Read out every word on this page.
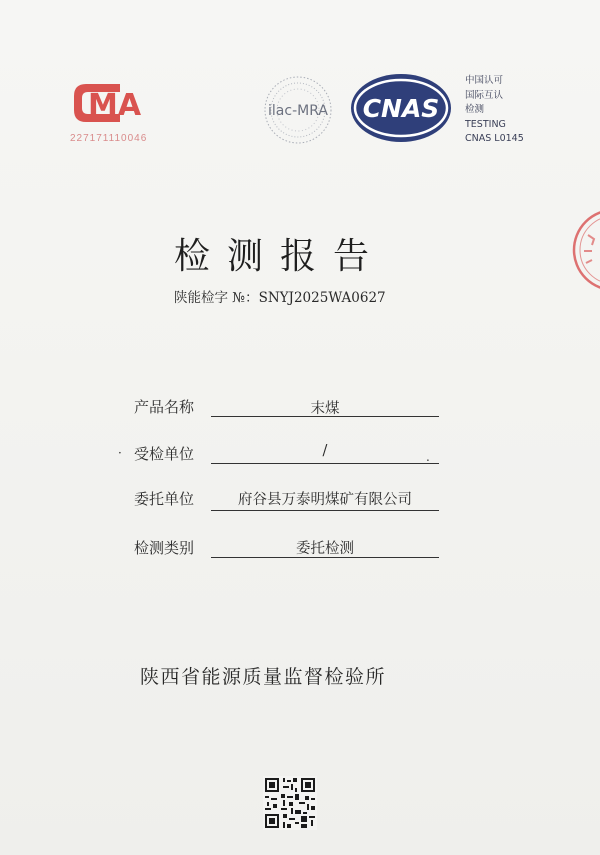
MA
227171110046
ilac-MRA CNAS
中国认可
国际互认
检测
TESTING
CNAS L0145
检测报告
陕能检字 №：SNYJ2025WA0627
产品名称	末煤
· 受检单位	/	.
委托单位	府谷县万泰明煤矿有限公司
检测类别	委托检测
陕西省能源质量监督检验所
